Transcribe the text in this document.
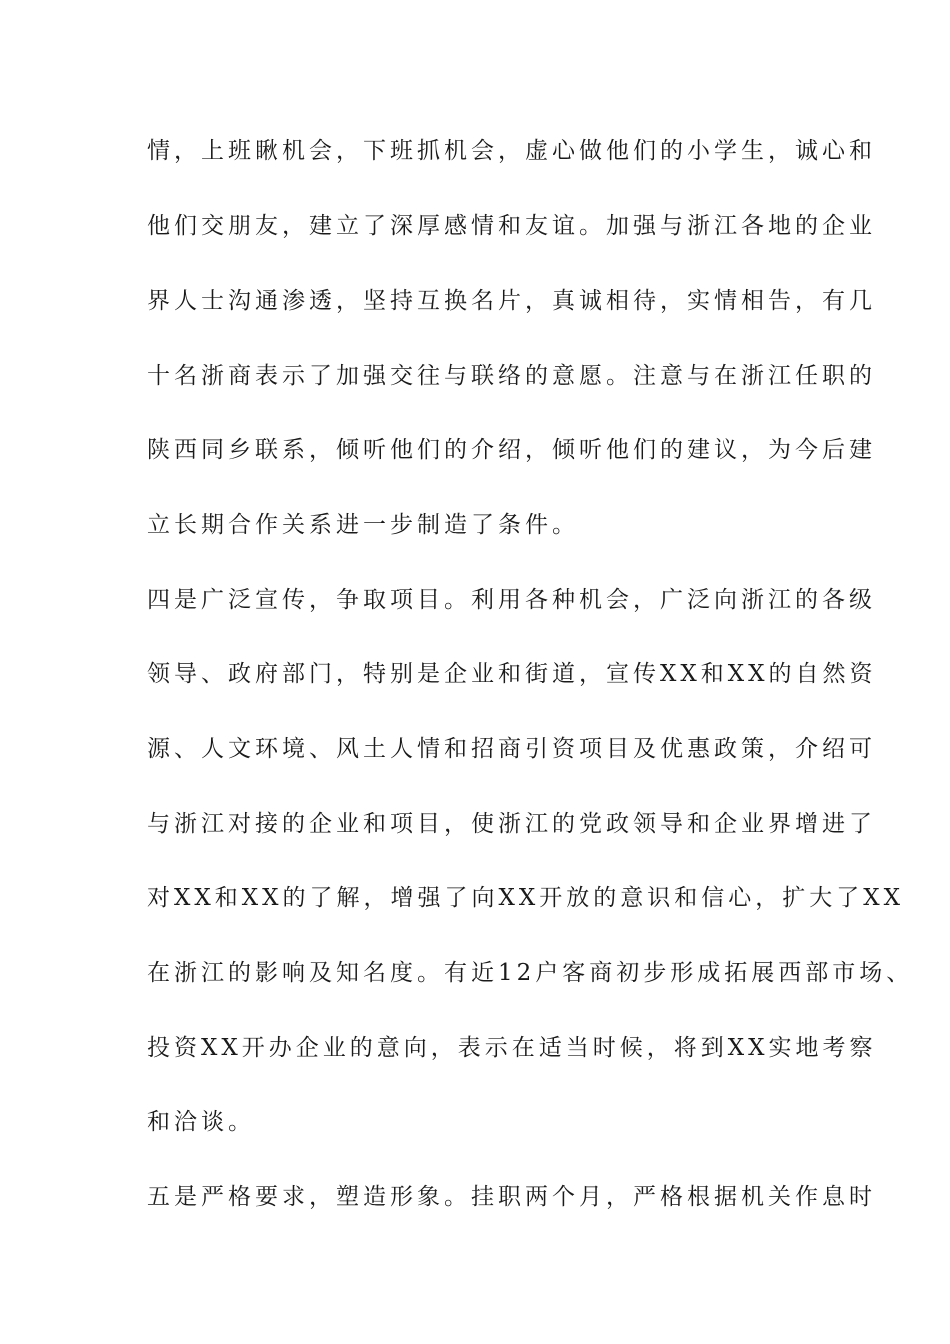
情，上班瞅机会，下班抓机会，虚心做他们的小学生，诚心和
他们交朋友，建立了深厚感情和友谊。加强与浙江各地的企业
界人士沟通渗透，坚持互换名片，真诚相待，实情相告，有几
十名浙商表示了加强交往与联络的意愿。注意与在浙江任职的
陕西同乡联系，倾听他们的介绍，倾听他们的建议，为今后建
立长期合作关系进一步制造了条件。
四是广泛宣传，争取项目。利用各种机会，广泛向浙江的各级
领导、政府部门，特别是企业和街道，宣传XX和XX的自然资
源、人文环境、风土人情和招商引资项目及优惠政策，介绍可
与浙江对接的企业和项目，使浙江的党政领导和企业界增进了
对XX和XX的了解，增强了向XX开放的意识和信心，扩大了XX
在浙江的影响及知名度。有近12户客商初步形成拓展西部市场、
投资XX开办企业的意向，表示在适当时候，将到XX实地考察
和洽谈。
五是严格要求，塑造形象。挂职两个月，严格根据机关作息时
